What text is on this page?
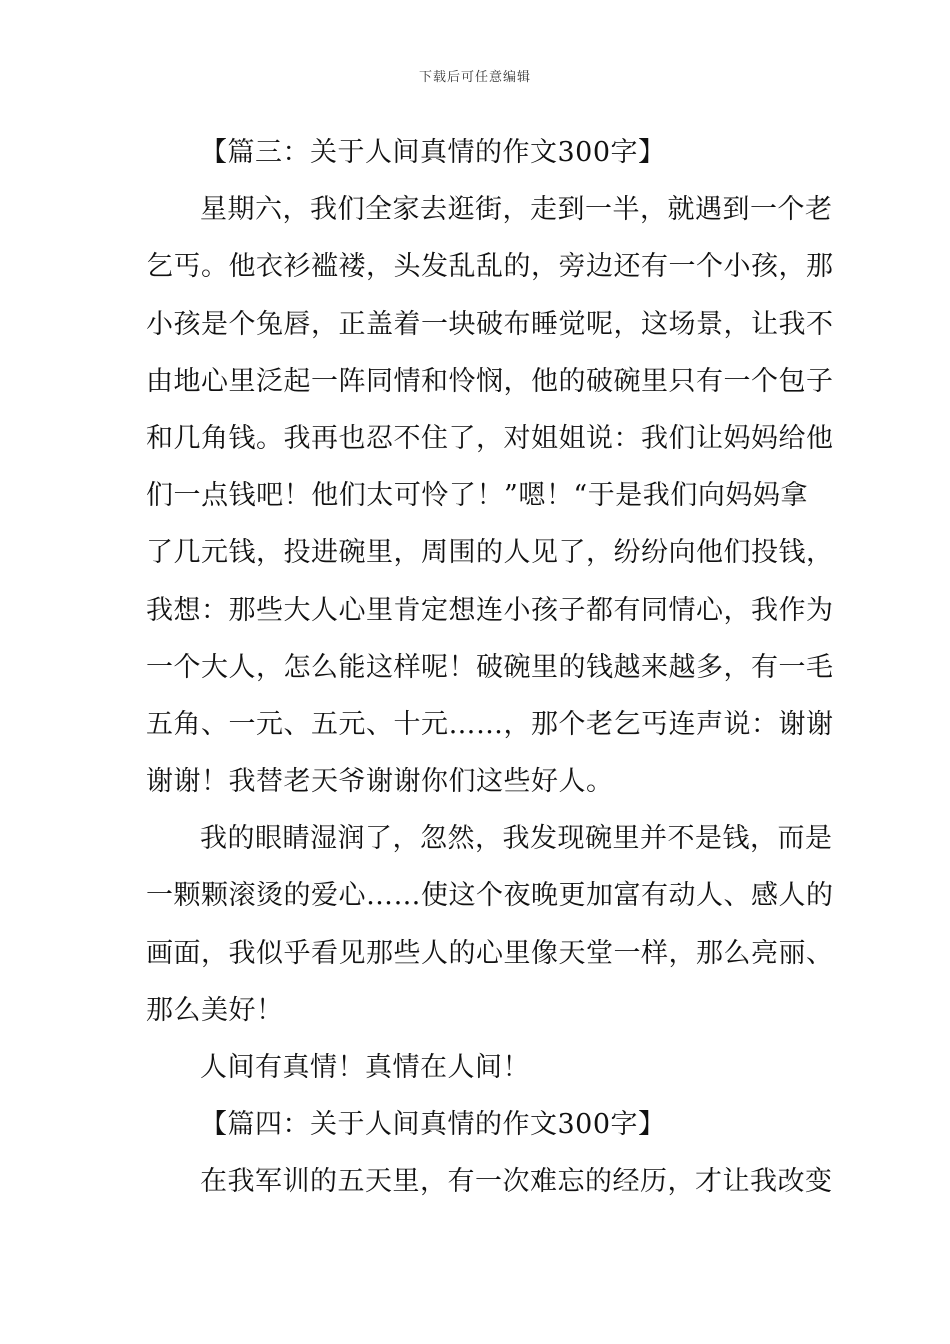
下载后可任意编辑
【篇三：关于人间真情的作文300字】
星期六，我们全家去逛街，走到一半，就遇到一个老
乞丐。他衣衫褴褛，头发乱乱的，旁边还有一个小孩，那
小孩是个兔唇，正盖着一块破布睡觉呢，这场景，让我不
由地心里泛起一阵同情和怜悯，他的破碗里只有一个包子
和几角钱。我再也忍不住了，对姐姐说：我们让妈妈给他
们一点钱吧！他们太可怜了！”嗯！“于是我们向妈妈拿
了几元钱，投进碗里，周围的人见了，纷纷向他们投钱，
我想：那些大人心里肯定想连小孩子都有同情心，我作为
一个大人，怎么能这样呢！破碗里的钱越来越多，有一毛
五角、一元、五元、十元……，那个老乞丐连声说：谢谢
谢谢！我替老天爷谢谢你们这些好人。
我的眼睛湿润了，忽然，我发现碗里并不是钱，而是
一颗颗滚烫的爱心……使这个夜晚更加富有动人、感人的
画面，我似乎看见那些人的心里像天堂一样，那么亮丽、
那么美好！
人间有真情！真情在人间！
【篇四：关于人间真情的作文300字】
在我军训的五天里，有一次难忘的经历，才让我改变
